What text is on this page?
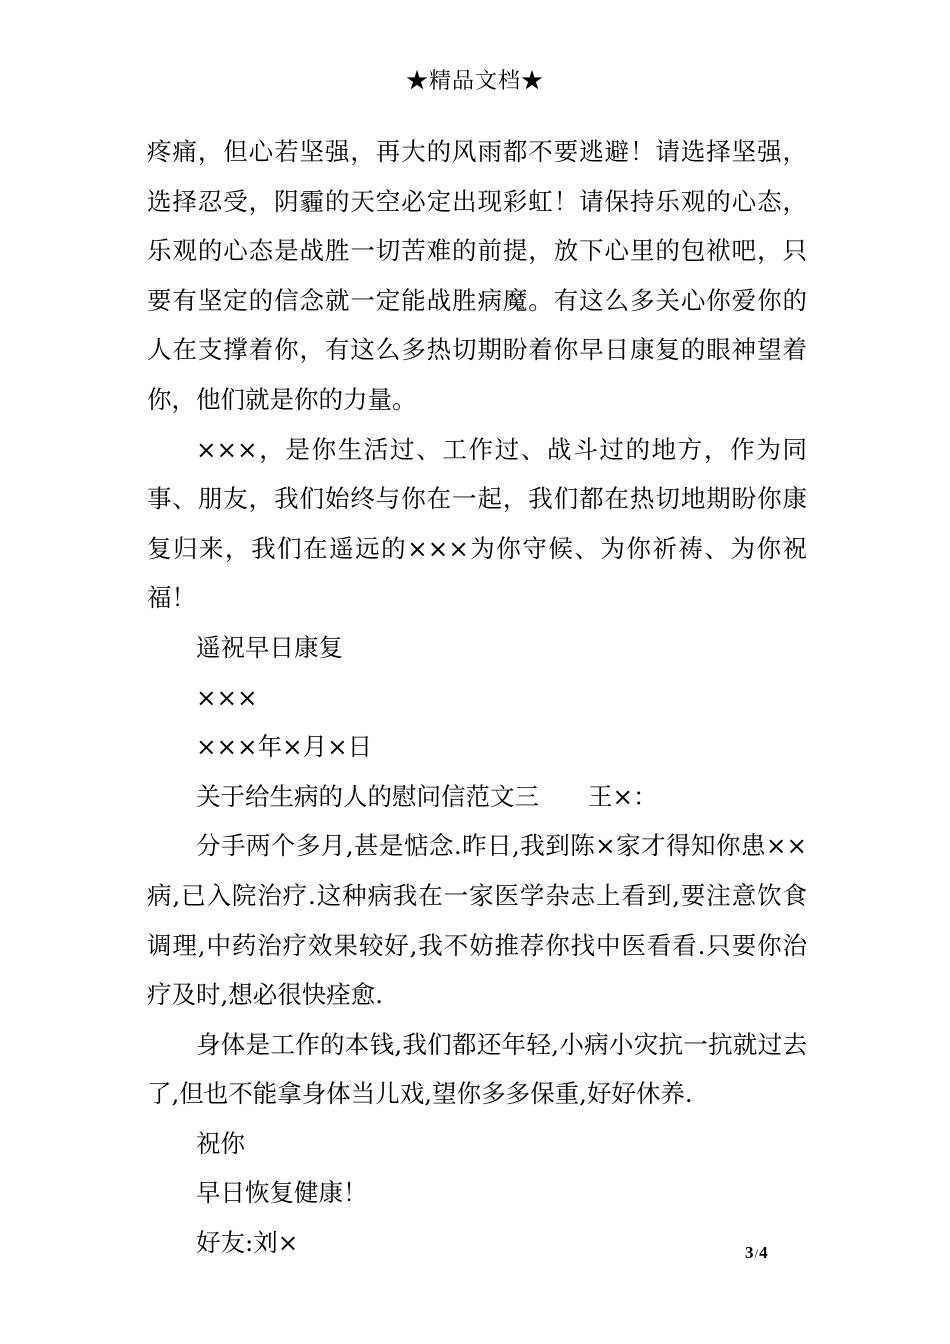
★精品文档★

疼痛，但心若坚强，再大的风雨都不要逃避！请选择坚强，选择忍受，阴霾的天空必定出现彩虹！请保持乐观的心态，乐观的心态是战胜一切苦难的前提，放下心里的包袱吧，只要有坚定的信念就一定能战胜病魔。有这么多关心你爱你的人在支撑着你，有这么多热切期盼着你早日康复的眼神望着你，他们就是你的力量。

×××，是你生活过、工作过、战斗过的地方，作为同事、朋友，我们始终与你在一起，我们都在热切地期盼你康复归来，我们在遥远的×××为你守候、为你祈祷、为你祝福！

遥祝早日康复

×××

×××年×月×日

关于给生病的人的慰问信范文三　　王×：

分手两个多月,甚是惦念.昨日,我到陈×家才得知你患××病,已入院治疗.这种病我在一家医学杂志上看到,要注意饮食调理,中药治疗效果较好,我不妨推荐你找中医看看.只要你治疗及时,想必很快痊愈.

身体是工作的本钱,我们都还年轻,小病小灾抗一抗就过去了,但也不能拿身体当儿戏,望你多多保重,好好休养.

祝你

早日恢复健康！

好友:刘×	3/4
